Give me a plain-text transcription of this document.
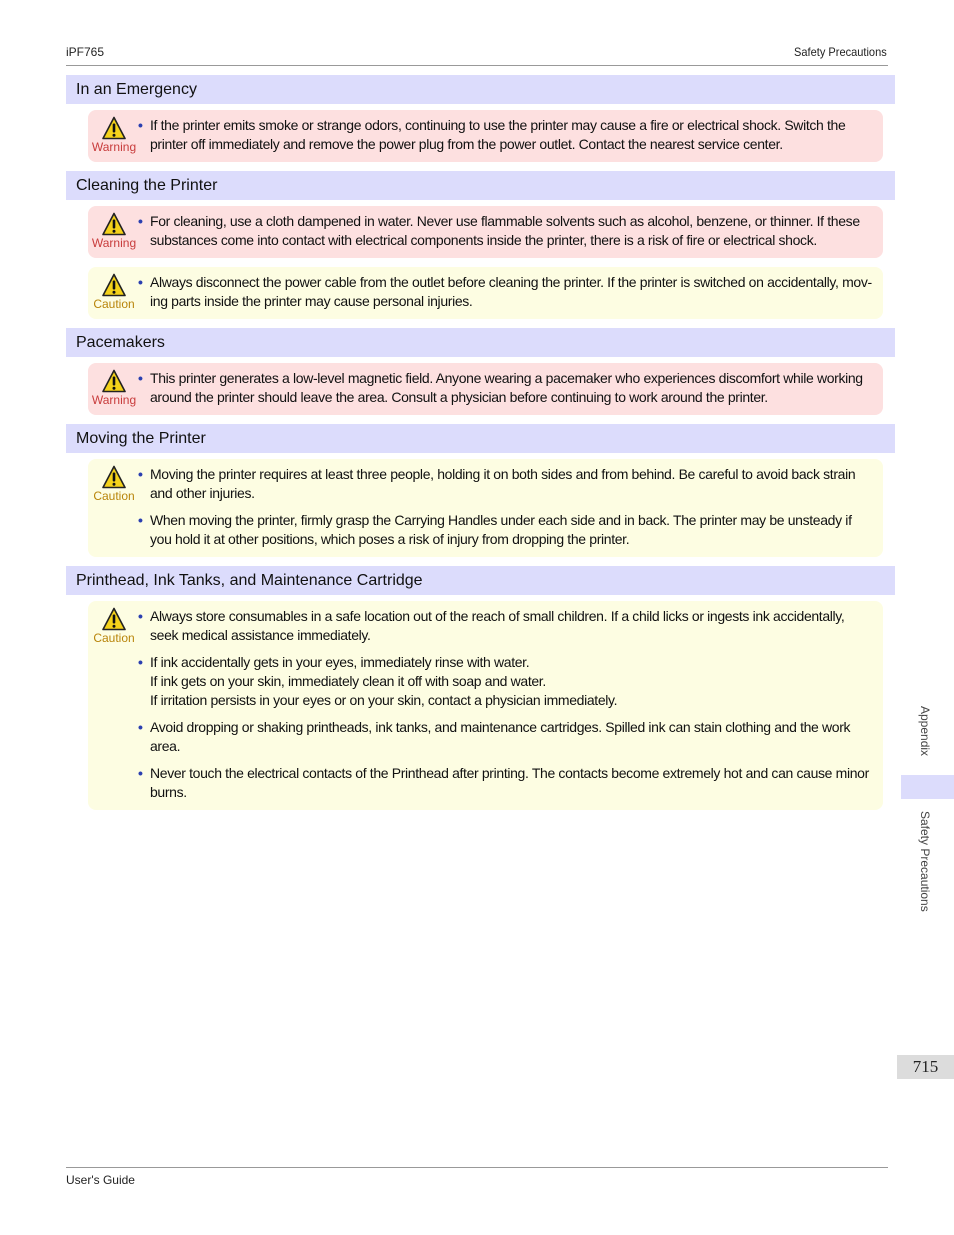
iPF765	Safety Precautions
In an Emergency
Warning
• If the printer emits smoke or strange odors, continuing to use the printer may cause a fire or electrical shock. Switch the printer off immediately and remove the power plug from the power outlet. Contact the nearest service center.
Cleaning the Printer
Warning
• For cleaning, use a cloth dampened in water. Never use flammable solvents such as alcohol, benzene, or thinner. If these substances come into contact with electrical components inside the printer, there is a risk of fire or electrical shock.
Caution
• Always disconnect the power cable from the outlet before cleaning the printer. If the printer is switched on accidentally, mov-ing parts inside the printer may cause personal injuries.
Pacemakers
Warning
• This printer generates a low-level magnetic field. Anyone wearing a pacemaker who experiences discomfort while working around the printer should leave the area. Consult a physician before continuing to work around the printer.
Moving the Printer
Caution
• Moving the printer requires at least three people, holding it on both sides and from behind. Be careful to avoid back strain and other injuries.
• When moving the printer, firmly grasp the Carrying Handles under each side and in back. The printer may be unsteady if you hold it at other positions, which poses a risk of injury from dropping the printer.
Printhead, Ink Tanks, and Maintenance Cartridge
Caution
• Always store consumables in a safe location out of the reach of small children. If a child licks or ingests ink accidentally, seek medical assistance immediately.
• If ink accidentally gets in your eyes, immediately rinse with water.
If ink gets on your skin, immediately clean it off with soap and water.
If irritation persists in your eyes or on your skin, contact a physician immediately.
• Avoid dropping or shaking printheads, ink tanks, and maintenance cartridges. Spilled ink can stain clothing and the work area.
• Never touch the electrical contacts of the Printhead after printing. The contacts become extremely hot and can cause minor burns.
Appendix
Safety Precautions
715
User's Guide
